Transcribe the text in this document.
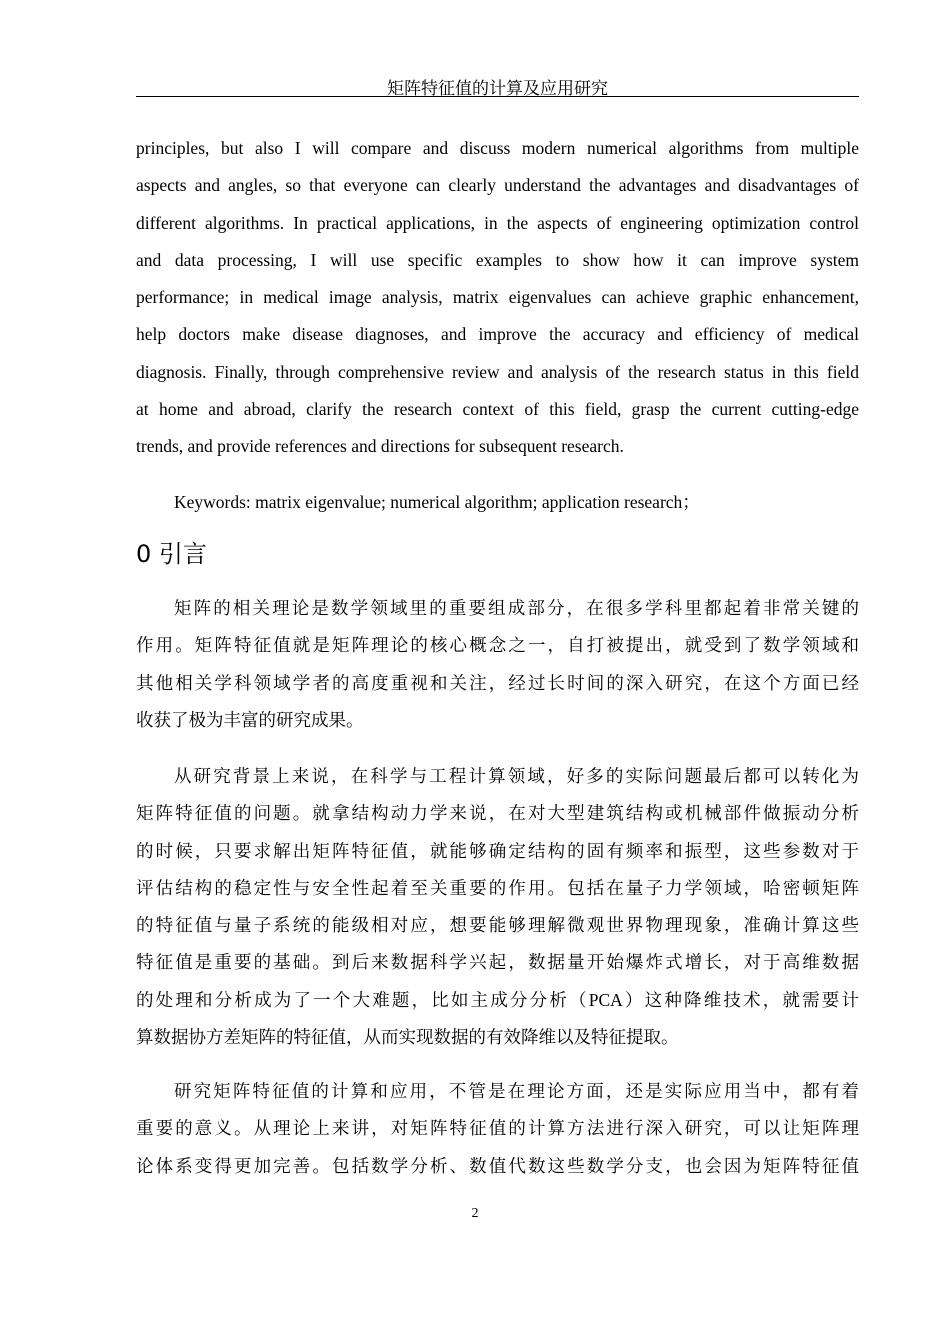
矩阵特征值的计算及应用研究
principles, but also I will compare and discuss modern numerical algorithms from multiple
aspects and angles, so that everyone can clearly understand the advantages and disadvantages of
different algorithms. In practical applications, in the aspects of engineering optimization control
and data processing, I will use specific examples to show how it can improve system
performance; in medical image analysis, matrix eigenvalues can achieve graphic enhancement,
help doctors make disease diagnoses, and improve the accuracy and efficiency of medical
diagnosis. Finally, through comprehensive review and analysis of the research status in this field
at home and abroad, clarify the research context of this field, grasp the current cutting-edge
trends, and provide references and directions for subsequent research.
Keywords: matrix eigenvalue; numerical algorithm; application research；
0 引言
矩阵的相关理论是数学领域里的重要组成部分，在很多学科里都起着非常关键的
作用。矩阵特征值就是矩阵理论的核心概念之一，自打被提出，就受到了数学领域和
其他相关学科领域学者的高度重视和关注，经过长时间的深入研究，在这个方面已经
收获了极为丰富的研究成果。
从研究背景上来说，在科学与工程计算领域，好多的实际问题最后都可以转化为
矩阵特征值的问题。就拿结构动力学来说，在对大型建筑结构或机械部件做振动分析
的时候，只要求解出矩阵特征值，就能够确定结构的固有频率和振型，这些参数对于
评估结构的稳定性与安全性起着至关重要的作用。包括在量子力学领域，哈密顿矩阵
的特征值与量子系统的能级相对应，想要能够理解微观世界物理现象，准确计算这些
特征值是重要的基础。到后来数据科学兴起，数据量开始爆炸式增长，对于高维数据
的处理和分析成为了一个大难题，比如主成分分析（PCA）这种降维技术，就需要计
算数据协方差矩阵的特征值，从而实现数据的有效降维以及特征提取。
研究矩阵特征值的计算和应用，不管是在理论方面，还是实际应用当中，都有着
重要的意义。从理论上来讲，对矩阵特征值的计算方法进行深入研究，可以让矩阵理
论体系变得更加完善。包括数学分析、数值代数这些数学分支，也会因为矩阵特征值
2
